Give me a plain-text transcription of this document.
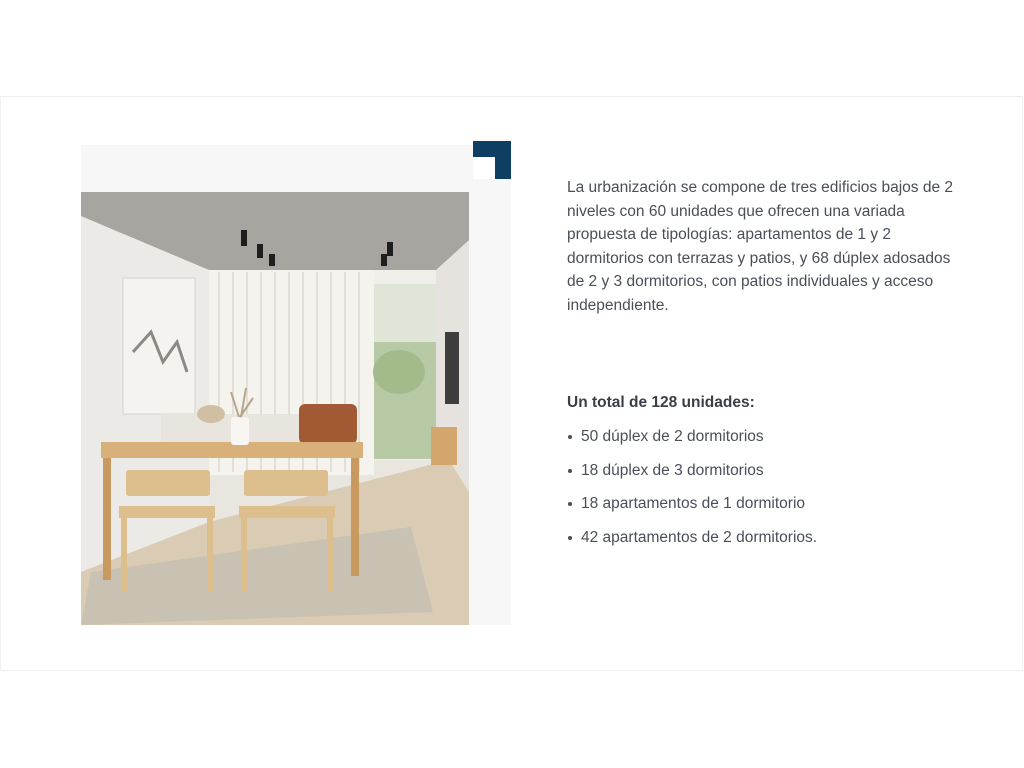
La urbanización se compone de tres edificios bajos de 2 niveles con 60 unidades que ofrecen una variada propuesta de tipologías: apartamentos de 1 y 2 dormitorios con terrazas y patios, y 68 dúplex adosados de 2 y 3 dormitorios, con patios individuales y acceso independiente.

Un total de 128 unidades:

50 dúplex de 2 dormitorios
18 dúplex de 3 dormitorios
18 apartamentos de 1 dormitorio
42 apartamentos de 2 dormitorios.
